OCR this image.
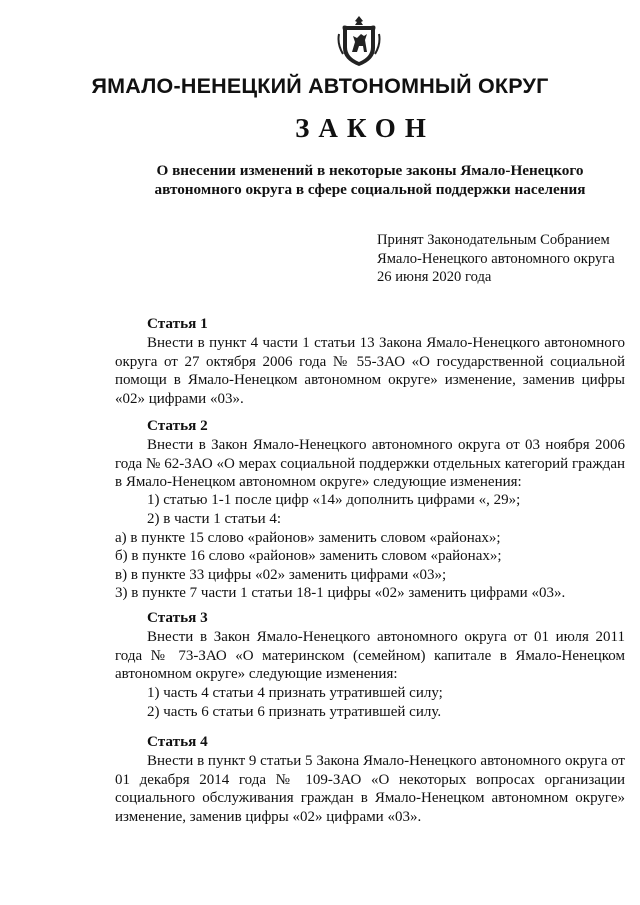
ЯМАЛО-НЕНЕЦКИЙ АВТОНОМНЫЙ ОКРУГ
ЗАКОН
О внесении изменений в некоторые законы Ямало-Ненецкого
автономного округа в сфере социальной поддержки населения
Принят Законодательным Собранием
Ямало-Ненецкого автономного округа
26 июня 2020 года
Статья 1
Внести в пункт 4 части 1 статьи 13 Закона Ямало-Ненецкого автономного округа от 27 октября 2006 года № 55-ЗАО «О государственной социальной помощи в Ямало-Ненецком автономном округе» изменение, заменив цифры «02» цифрами «03».
Статья 2
Внести в Закон Ямало-Ненецкого автономного округа от 03 ноября 2006 года № 62-ЗАО «О мерах социальной поддержки отдельных категорий граждан в Ямало-Ненецком автономном округе» следующие изменения:
1) статью 1-1 после цифр «14» дополнить цифрами «, 29»;
2) в части 1 статьи 4:
а) в пункте 15 слово «районов» заменить словом «районах»;
б) в пункте 16 слово «районов» заменить словом «районах»;
в) в пункте 33 цифры «02» заменить цифрами «03»;
3) в пункте 7 части 1 статьи 18-1 цифры «02» заменить цифрами «03».
Статья 3
Внести в Закон Ямало-Ненецкого автономного округа от 01 июля 2011 года № 73-ЗАО «О материнском (семейном) капитале в Ямало-Ненецком автономном округе» следующие изменения:
1) часть 4 статьи 4 признать утратившей силу;
2) часть 6 статьи 6 признать утратившей силу.
Статья 4
Внести в пункт 9 статьи 5 Закона Ямало-Ненецкого автономного округа от 01 декабря 2014 года № 109-ЗАО «О некоторых вопросах организации социального обслуживания граждан в Ямало-Ненецком автономном округе» изменение, заменив цифры «02» цифрами «03».
